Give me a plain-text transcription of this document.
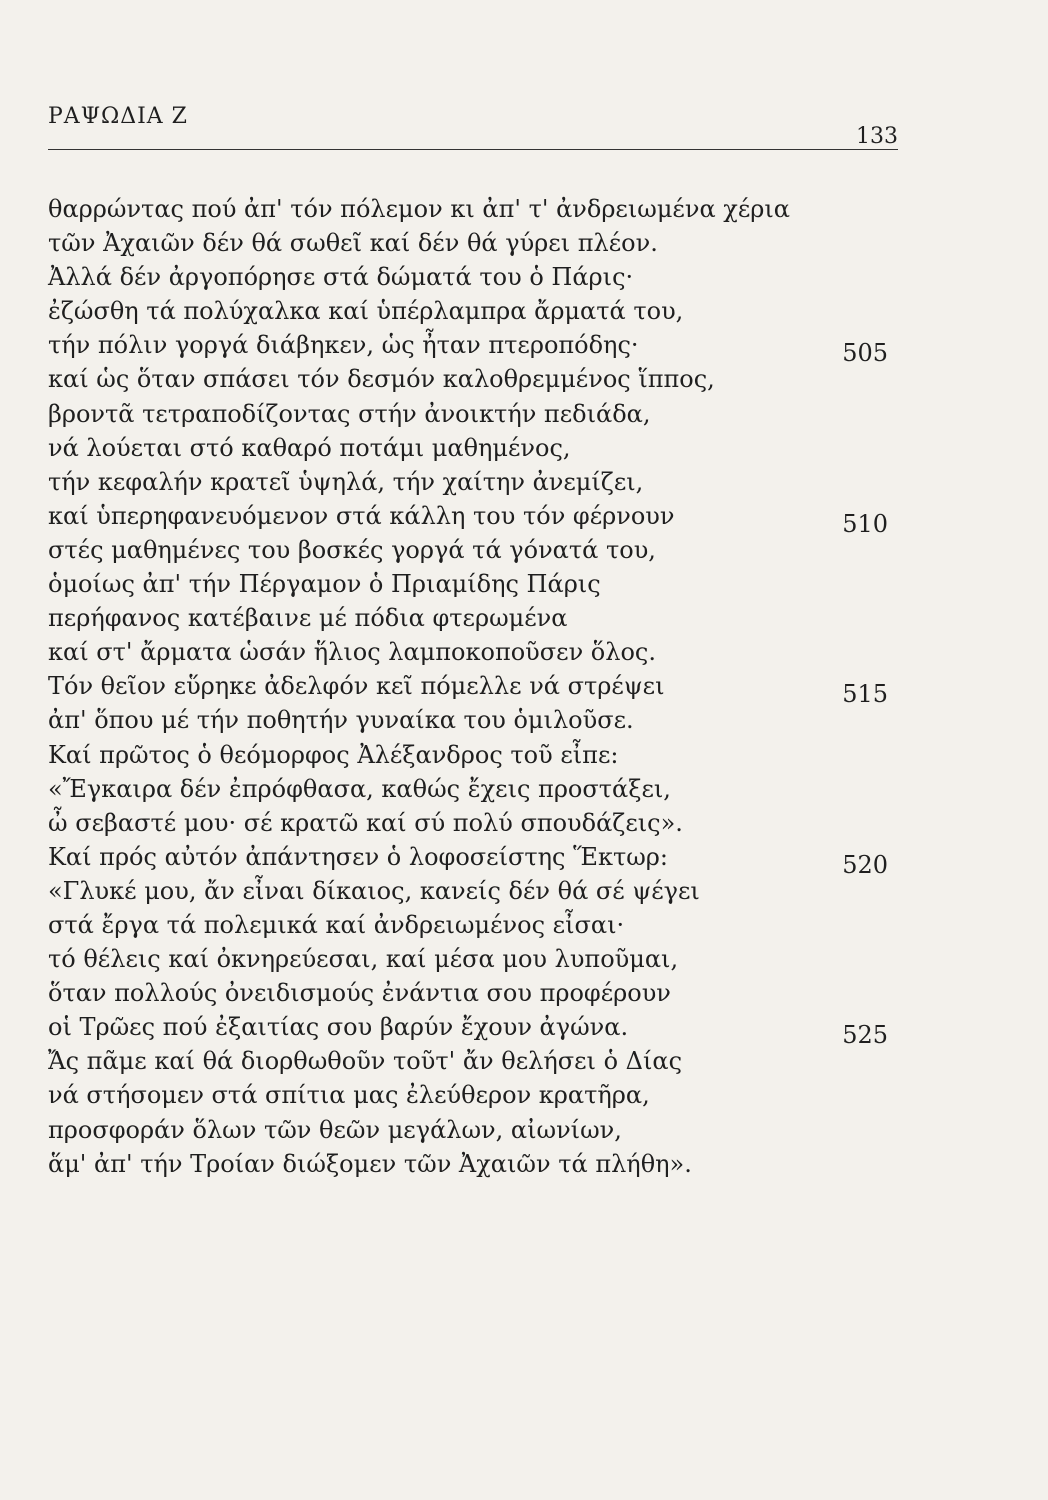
ΡΑΨΩΔΙΑ Ζ
133
θαρρώντας πού ἀπ' τόν πόλεμον κι ἀπ' τ' ἀνδρειωμένα χέρια
τῶν Ἀχαιῶν δέν θά σωθεῖ καί δέν θά γύρει πλέον.
Ἀλλά δέν ἀργοπόρησε στά δώματά του ὁ Πάρις·
ἐζώσθη τά πολύχαλκα καί ὑπέρλαμπρα ἄρματά του,
τήν πόλιν γοργά διάβηκεν, ὡς ἦταν πτεροπόδης·	505
καί ὡς ὅταν σπάσει τόν δεσμόν καλοθρεμμένος ἵππος,
βροντᾶ τετραποδίζοντας στήν ἀνοικτήν πεδιάδα,
νά λούεται στό καθαρό ποτάμι μαθημένος,
τήν κεφαλήν κρατεῖ ὑψηλά, τήν χαίτην ἀνεμίζει,
καί ὑπερηφανευόμενον στά κάλλη του τόν φέρνουν	510
στές μαθημένες του βοσκές γοργά τά γόνατά του,
ὁμοίως ἀπ' τήν Πέργαμον ὁ Πριαμίδης Πάρις
περήφανος κατέβαινε μέ πόδια φτερωμένα
καί στ' ἄρματα ὡσάν ἥλιος λαμποκοποῦσεν ὅλος.
Τόν θεῖον εὕρηκε ἀδελφόν κεῖ πόμελλε νά στρέψει	515
ἀπ' ὅπου μέ τήν ποθητήν γυναίκα του ὁμιλοῦσε.
Καί πρῶτος ὁ θεόμορφος Ἀλέξανδρος τοῦ εἶπε:
«Ἔγκαιρα δέν ἐπρόφθασα, καθώς ἔχεις προστάξει,
ὦ σεβαστέ μου· σέ κρατῶ καί σύ πολύ σπουδάζεις».
Καί πρός αὐτόν ἀπάντησεν ὁ λοφοσείστης Ἕκτωρ:	520
«Γλυκέ μου, ἄν εἶναι δίκαιος, κανείς δέν θά σέ ψέγει
στά ἔργα τά πολεμικά καί ἀνδρειωμένος εἶσαι·
τό θέλεις καί ὀκνηρεύεσαι, καί μέσα μου λυποῦμαι,
ὅταν πολλούς ὀνειδισμούς ἐνάντια σου προφέρουν
οἱ Τρῶες πού ἐξαιτίας σου βαρύν ἔχουν ἀγώνα.	525
Ἄς πᾶμε καί θά διορθωθοῦν τοῦτ' ἄν θελήσει ὁ Δίας
νά στήσομεν στά σπίτια μας ἐλεύθερον κρατῆρα,
προσφοράν ὅλων τῶν θεῶν μεγάλων, αἰωνίων,
ἅμ' ἀπ' τήν Τροίαν διώξομεν τῶν Ἀχαιῶν τά πλήθη».
